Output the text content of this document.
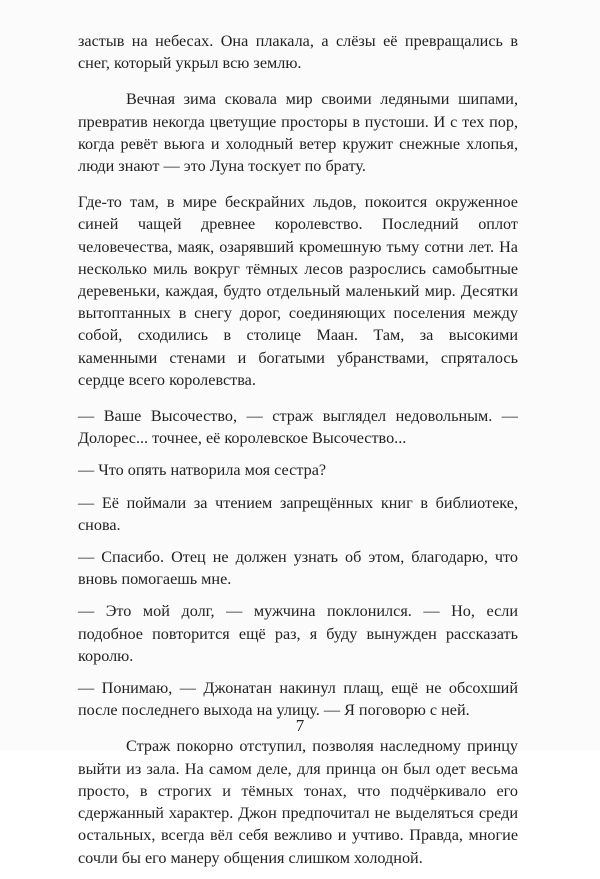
застыв на небесах. Она плакала, а слёзы её превращались в снег, который укрыл всю землю.

Вечная зима сковала мир своими ледяными шипами, превратив некогда цветущие просторы в пустоши. И с тех пор, когда ревёт вьюга и холодный ветер кружит снежные хлопья, люди знают — это Луна тоскует по брату.

Где-то там, в мире бескрайних льдов, покоится окруженное синей чащей древнее королевство. Последний оплот человечества, маяк, озарявший кромешную тьму сотни лет. На несколько миль вокруг тёмных лесов разрослись самобытные деревеньки, каждая, будто отдельный маленький мир. Десятки вытоптанных в снегу дорог, соединяющих поселения между собой, сходились в столице Маан. Там, за высокими каменными стенами и богатыми убранствами, спряталось сердце всего королевства.

— Ваше Высочество, — страж выглядел недовольным. — Долорес... точнее, её королевское Высочество...

— Что опять натворила моя сестра?

— Её поймали за чтением запрещённых книг в библиотеке, снова.

— Спасибо. Отец не должен узнать об этом, благодарю, что вновь помогаешь мне.

— Это мой долг, — мужчина поклонился. — Но, если подобное повторится ещё раз, я буду вынужден рассказать королю.

— Понимаю, — Джонатан накинул плащ, ещё не обсохший после последнего выхода на улицу. — Я поговорю с ней.

Страж покорно отступил, позволяя наследному принцу выйти из зала. На самом деле, для принца он был одет весьма просто, в строгих и тёмных тонах, что подчёркивало его сдержанный характер. Джон предпочитал не выделяться среди остальных, всегда вёл себя вежливо и учтиво. Правда, многие сочли бы его манеру общения слишком холодной.

7
